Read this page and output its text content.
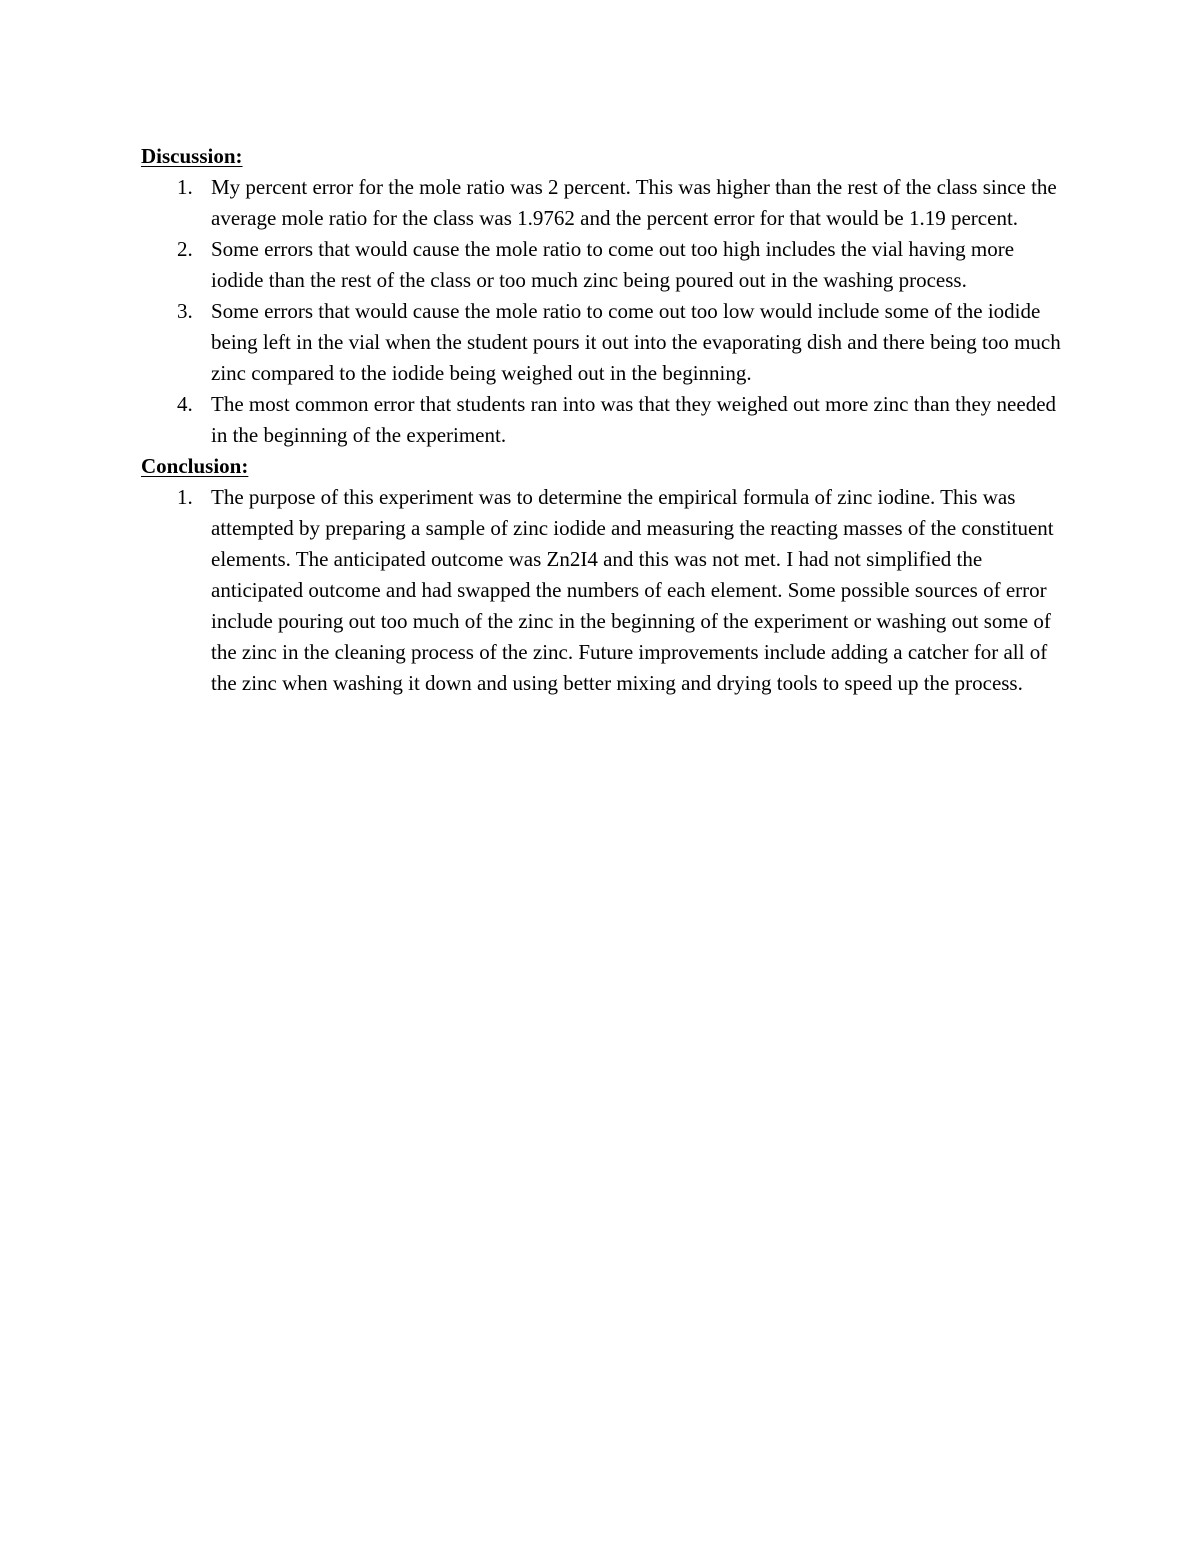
Discussion:
1. My percent error for the mole ratio was 2 percent. This was higher than the rest of the class since the average mole ratio for the class was 1.9762 and the percent error for that would be 1.19 percent.
2. Some errors that would cause the mole ratio to come out too high includes the vial having more iodide than the rest of the class or too much zinc being poured out in the washing process.
3. Some errors that would cause the mole ratio to come out too low would include some of the iodide being left in the vial when the student pours it out into the evaporating dish and there being too much zinc compared to the iodide being weighed out in the beginning.
4. The most common error that students ran into was that they weighed out more zinc than they needed in the beginning of the experiment.
Conclusion:
1. The purpose of this experiment was to determine the empirical formula of zinc iodine. This was attempted by preparing a sample of zinc iodide and measuring the reacting masses of the constituent elements. The anticipated outcome was Zn2I4 and this was not met. I had not simplified the anticipated outcome and had swapped the numbers of each element. Some possible sources of error include pouring out too much of the zinc in the beginning of the experiment or washing out some of the zinc in the cleaning process of the zinc. Future improvements include adding a catcher for all of the zinc when washing it down and using better mixing and drying tools to speed up the process.
